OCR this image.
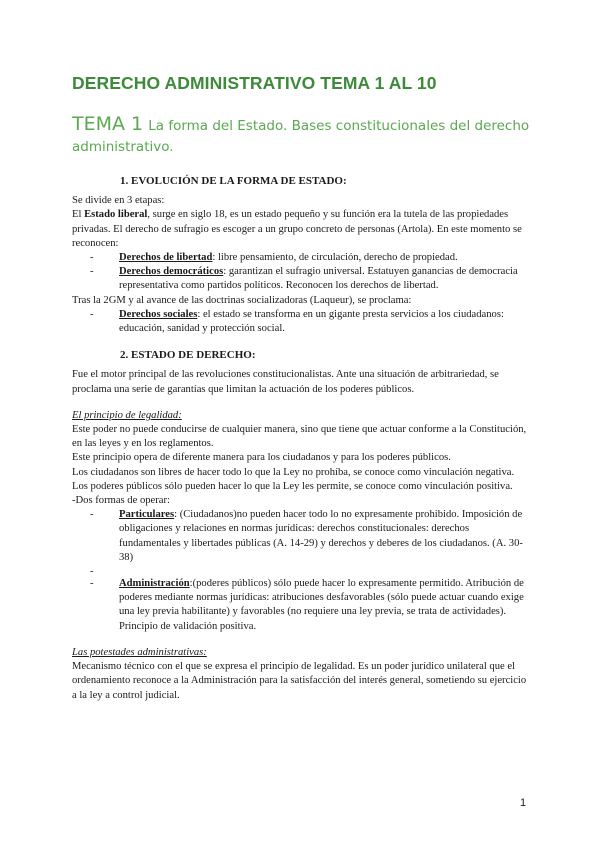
DERECHO ADMINISTRATIVO TEMA 1 AL 10
TEMA 1 La forma del Estado. Bases constitucionales del derecho administrativo.
1. EVOLUCIÓN DE LA FORMA DE ESTADO:

Se divide en 3 etapas:

El Estado liberal, surge en siglo 18, es un estado pequeño y su función era la tutela de las propiedades privadas. El derecho de sufragio es escoger a un grupo concreto de personas (Artola). En este momento se reconocen:

- Derechos de libertad: libre pensamiento, de circulación, derecho de propiedad.
- Derechos democráticos: garantizan el sufragio universal. Estatuyen ganancias de democracia representativa como partidos políticos. Reconocen los derechos de libertad.

Tras la 2GM y al avance de las doctrinas socializadoras (Laqueur), se proclama:

- Derechos sociales: el estado se transforma en un gigante presta servicios a los ciudadanos: educación, sanidad y protección social.
2. ESTADO DE DERECHO:

Fue el motor principal de las revoluciones constitucionalistas. Ante una situación de arbitrariedad, se proclama una serie de garantías que limitan la actuación de los poderes públicos.

El principio de legalidad:

Este poder no puede conducirse de cualquier manera, sino que tiene que actuar conforme a la Constitución, en las leyes y en los reglamentos.

Este principio opera de diferente manera para los ciudadanos y para los poderes públicos.

Los ciudadanos son libres de hacer todo lo que la Ley no prohíba, se conoce como vinculación negativa.

Los poderes públicos sólo pueden hacer lo que la Ley les permite, se conoce como vinculación positiva.

-Dos formas de operar:

- Particulares: (Ciudadanos)no pueden hacer todo lo no expresamente prohibido. Imposición de obligaciones y relaciones en normas jurídicas: derechos constitucionales: derechos fundamentales y libertades públicas (A. 14-29) y derechos y deberes de los ciudadanos. (A. 30-38)
-
- Administración:(poderes públicos) sólo puede hacer lo expresamente permitido. Atribución de poderes mediante normas jurídicas: atribuciones desfavorables (sólo puede actuar cuando exige una ley previa habilitante) y favorables (no requiere una ley previa, se trata de actividades). Principio de validación positiva.

Las potestades administrativas:

Mecanismo técnico con el que se expresa el principio de legalidad. Es un poder jurídico unilateral que el ordenamiento reconoce a la Administración para la satisfacción del interés general, sometiendo su ejercicio a la ley a control judicial.

1
